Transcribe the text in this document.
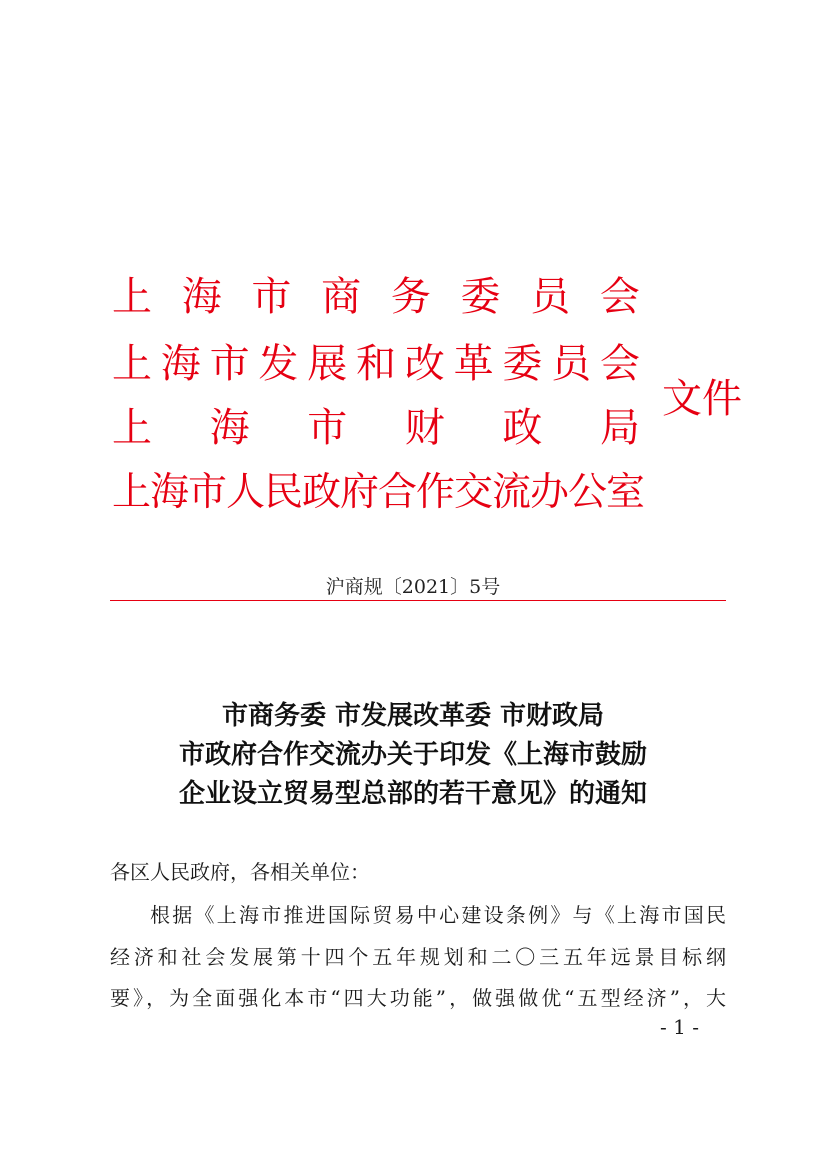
上 海 市 商 务 委 员 会
上 海 市 发 展 和 改 革 委 员 会
上 海 市 财 政 局
上海市人民政府合作交流办公室
文件
沪商规〔2021〕5号
市商务委 市发展改革委 市财政局
市政府合作交流办关于印发《上海市鼓励
企业设立贸易型总部的若干意见》的通知
各区人民政府，各相关单位：
根据《上海市推进国际贸易中心建设条例》与《上海市国民
经济和社会发展第十四个五年规划和二〇三五年远景目标纲
要》，为全面强化本市“四大功能”，做强做优“五型经济”，大
- 1 -
